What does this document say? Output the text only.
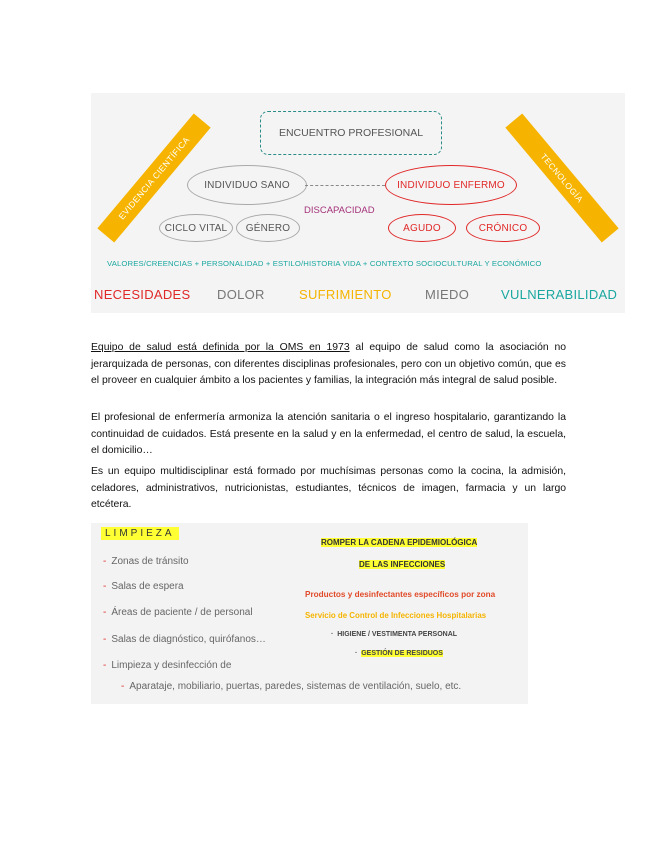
ENCUENTRO PROFESIONAL
INDIVIDUO SANO	INDIVIDUO ENFERMO
DISCAPACIDAD
CICLO VITAL GÉNERO	AGUDO	CRÓNICO
EVIDENCIA CIENTÍFICA	TECNOLOGÍA
VALORES/CREENCIAS + PERSONALIDAD + ESTILO/HISTORIA VIDA + CONTEXTO SOCIOCULTURAL Y ECONÓMICO
NECESIDADES DOLOR	SUFRIMIENTO	MIEDO VULNERABILIDAD
Equipo de salud está definida por la OMS en 1973 al equipo de salud como la asociación no jerarquizada de personas, con diferentes disciplinas profesionales, pero con un objetivo común, que es el proveer en cualquier ámbito a los pacientes y familias, la integración más integral de salud posible.
El profesional de enfermería armoniza la atención sanitaria o el ingreso hospitalario, garantizando la continuidad de cuidados. Está presente en la salud y en la enfermedad, el centro de salud, la escuela, el domicilio…
Es un equipo multidisciplinar está formado por muchísimas personas como la cocina, la admisión, celadores, administrativos, nutricionistas, estudiantes, técnicos de imagen, farmacia y un largo etcétera.
LIMPIEZA
- Zonas de tránsito
- Salas de espera
- Áreas de paciente / de personal
- Salas de diagnóstico, quirófanos…
- Limpieza y desinfección de
- Aparataje, mobiliario, puertas, paredes, sistemas de ventilación, suelo, etc.
ROMPER LA CADENA EPIDEMIOLÓGICA
DE LAS INFECCIONES
Productos y desinfectantes específicos por zona
Servicio de Control de Infecciones Hospitalarias
·  HIGIENE / VESTIMENTA PERSONAL
·  GESTIÓN DE RESIDUOS
